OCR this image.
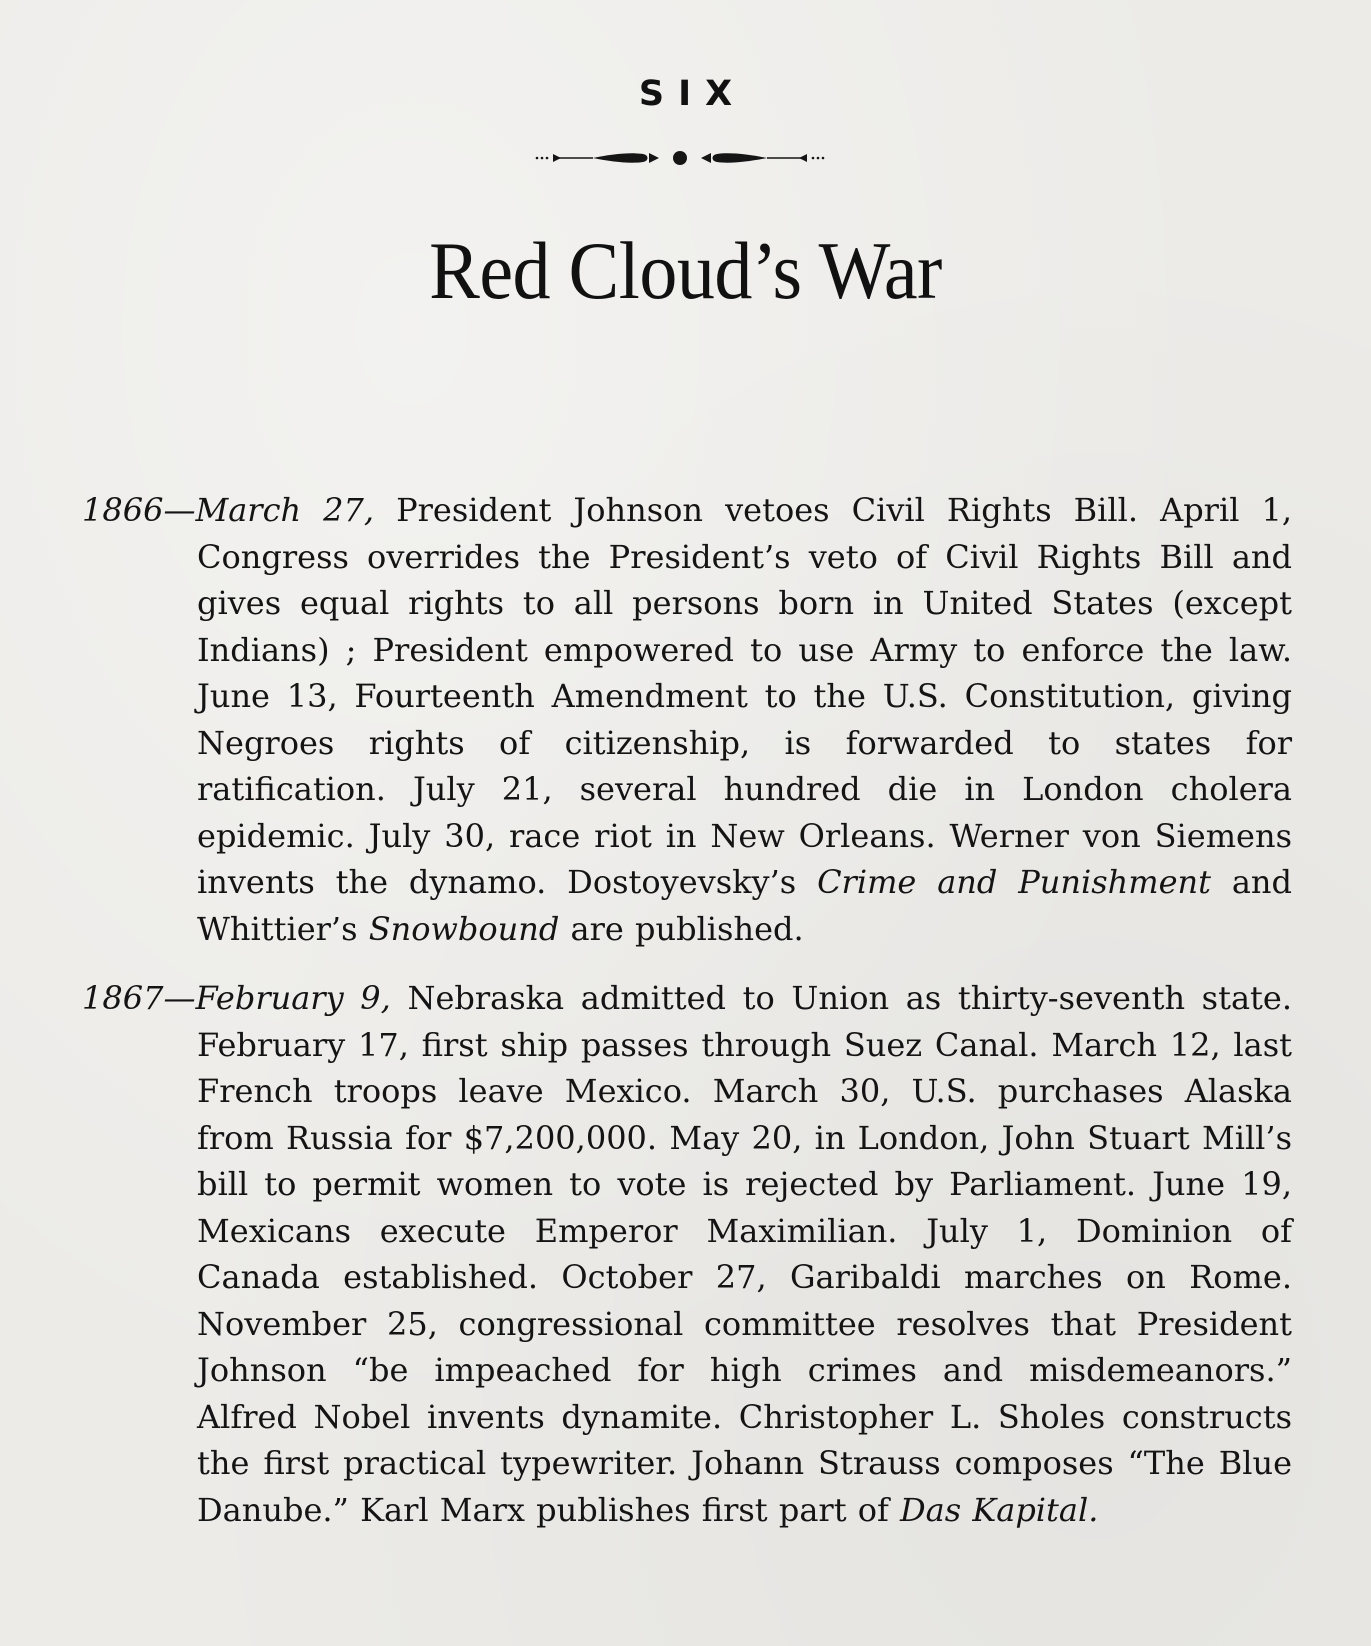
SIX
Red Cloud’s War

1866—March 27, President Johnson vetoes Civil Rights Bill. April 1, Congress overrides the President’s veto of Civil Rights Bill and gives equal rights to all persons born in United States (except Indians) ; President empowered to use Army to enforce the law. June 13, Fourteenth Amendment to the U.S. Constitution, giving Negroes rights of citizenship, is forwarded to states for ratification. July 21, several hundred die in London cholera epidemic. July 30, race riot in New Orleans. Werner von Siemens invents the dynamo. Dostoyevsky’s Crime and Punishment and Whittier’s Snowbound are published.

1867—February 9, Nebraska admitted to Union as thirty-seventh state. February 17, first ship passes through Suez Canal. March 12, last French troops leave Mexico. March 30, U.S. purchases Alaska from Russia for $7,200,000. May 20, in London, John Stuart Mill’s bill to permit women to vote is rejected by Parliament. June 19, Mexicans execute Emperor Maximilian. July 1, Dominion of Canada established. October 27, Garibaldi marches on Rome. November 25, congressional committee resolves that President Johnson “be impeached for high crimes and misdemeanors.” Alfred Nobel invents dynamite. Christopher L. Sholes constructs the first practical typewriter. Johann Strauss composes “The Blue Danube.” Karl Marx publishes first part of Das Kapital.
